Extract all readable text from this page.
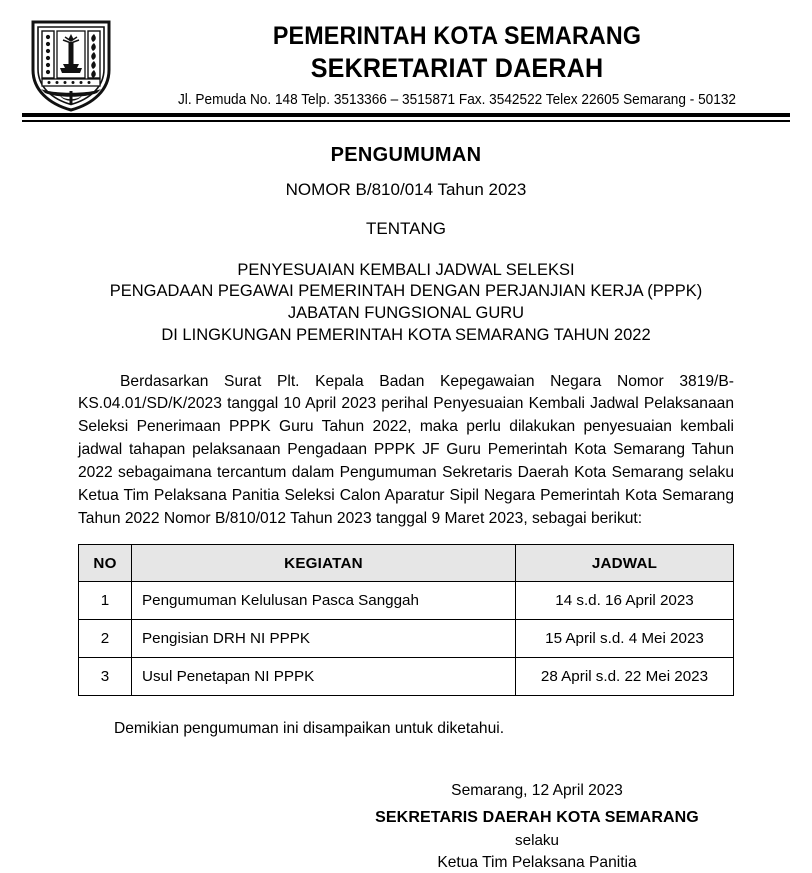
PEMERINTAH KOTA SEMARANG
SEKRETARIAT DAERAH
Jl. Pemuda No. 148 Telp. 3513366 – 3515871 Fax. 3542522 Telex 22605 Semarang - 50132
PENGUMUMAN
NOMOR B/810/014 Tahun 2023
TENTANG
PENYESUAIAN KEMBALI JADWAL SELEKSI
PENGADAAN PEGAWAI PEMERINTAH DENGAN PERJANJIAN KERJA (PPPK)
JABATAN FUNGSIONAL GURU
DI LINGKUNGAN PEMERINTAH KOTA SEMARANG TAHUN 2022
Berdasarkan Surat Plt. Kepala Badan Kepegawaian Negara Nomor 3819/B-KS.04.01/SD/K/2023 tanggal 10 April 2023 perihal Penyesuaian Kembali Jadwal Pelaksanaan Seleksi Penerimaan PPPK Guru Tahun 2022, maka perlu dilakukan penyesuaian kembali jadwal tahapan pelaksanaan Pengadaan PPPK JF Guru Pemerintah Kota Semarang Tahun 2022 sebagaimana tercantum dalam Pengumuman Sekretaris Daerah Kota Semarang selaku Ketua Tim Pelaksana Panitia Seleksi Calon Aparatur Sipil Negara Pemerintah Kota Semarang Tahun 2022 Nomor B/810/012 Tahun 2023 tanggal 9 Maret 2023, sebagai berikut:
NO	KEGIATAN	JADWAL
1	Pengumuman Kelulusan Pasca Sanggah	14 s.d. 16 April 2023
2	Pengisian DRH NI PPPK	15 April s.d. 4 Mei 2023
3	Usul Penetapan NI PPPK	28 April s.d. 22 Mei 2023
Demikian pengumuman ini disampaikan untuk diketahui.
Semarang, 12 April 2023
SEKRETARIS DAERAH KOTA SEMARANG
selaku
Ketua Tim Pelaksana Panitia
